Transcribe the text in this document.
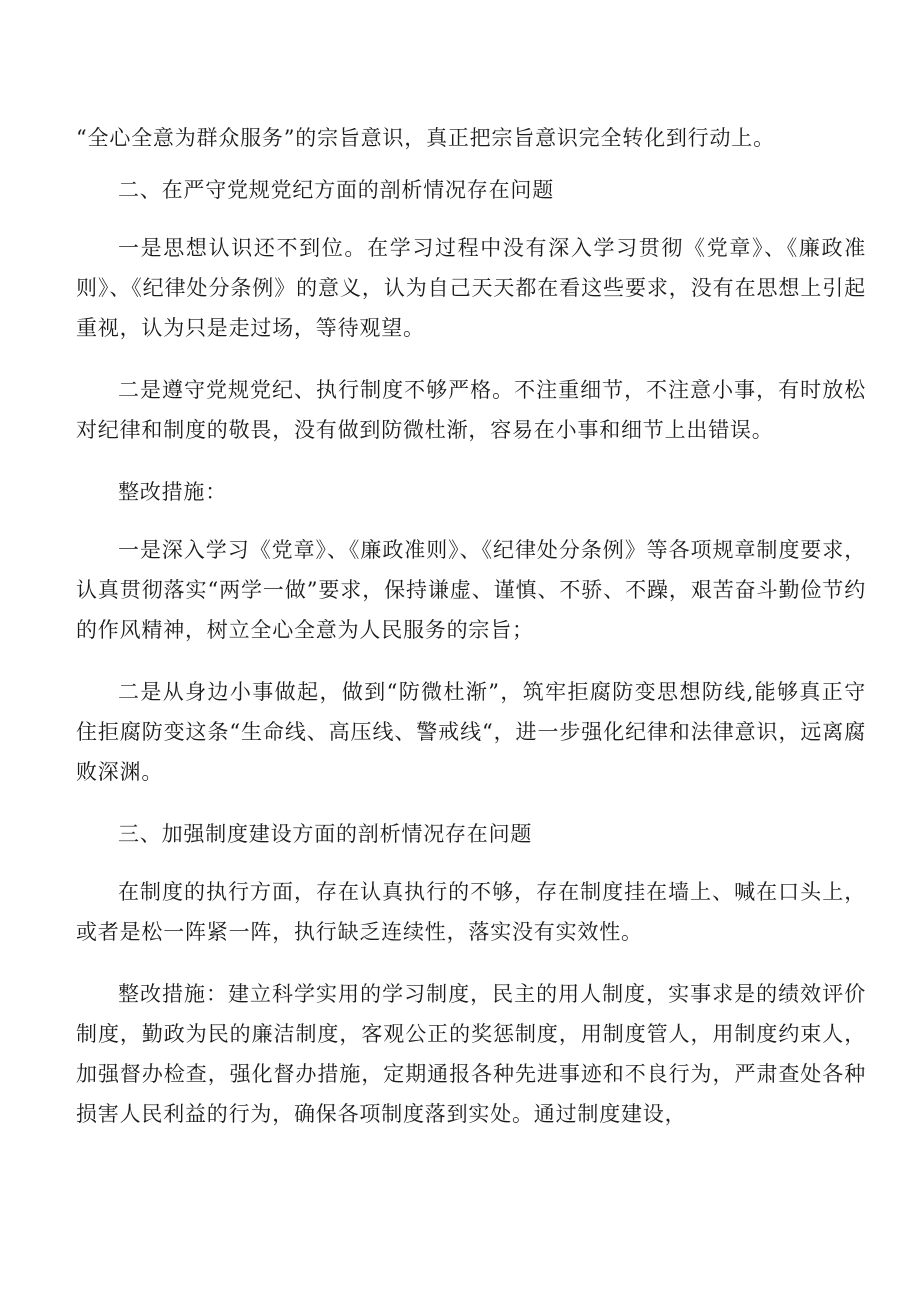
“全心全意为群众服务”的宗旨意识，真正把宗旨意识完全转化到行动上。

二、在严守党规党纪方面的剖析情况存在问题

一是思想认识还不到位。在学习过程中没有深入学习贯彻《党章》、《廉政准则》、《纪律处分条例》的意义，认为自己天天都在看这些要求，没有在思想上引起重视，认为只是走过场，等待观望。

二是遵守党规党纪、执行制度不够严格。不注重细节，不注意小事，有时放松对纪律和制度的敬畏，没有做到防微杜渐，容易在小事和细节上出错误。

整改措施：

一是深入学习《党章》、《廉政准则》、《纪律处分条例》等各项规章制度要求，认真贯彻落实“两学一做”要求，保持谦虚、谨慎、不骄、不躁，艰苦奋斗勤俭节约的作风精神，树立全心全意为人民服务的宗旨；

二是从身边小事做起，做到“防微杜渐”，筑牢拒腐防变思想防线,能够真正守住拒腐防变这条“生命线、高压线、警戒线“，进一步强化纪律和法律意识，远离腐败深渊。

三、加强制度建设方面的剖析情况存在问题

在制度的执行方面，存在认真执行的不够，存在制度挂在墙上、喊在口头上，或者是松一阵紧一阵，执行缺乏连续性，落实没有实效性。

整改措施：建立科学实用的学习制度，民主的用人制度，实事求是的绩效评价制度，勤政为民的廉洁制度，客观公正的奖惩制度，用制度管人，用制度约束人，加强督办检查，强化督办措施，定期通报各种先进事迹和不良行为，严肃查处各种损害人民利益的行为，确保各项制度落到实处。通过制度建设，
